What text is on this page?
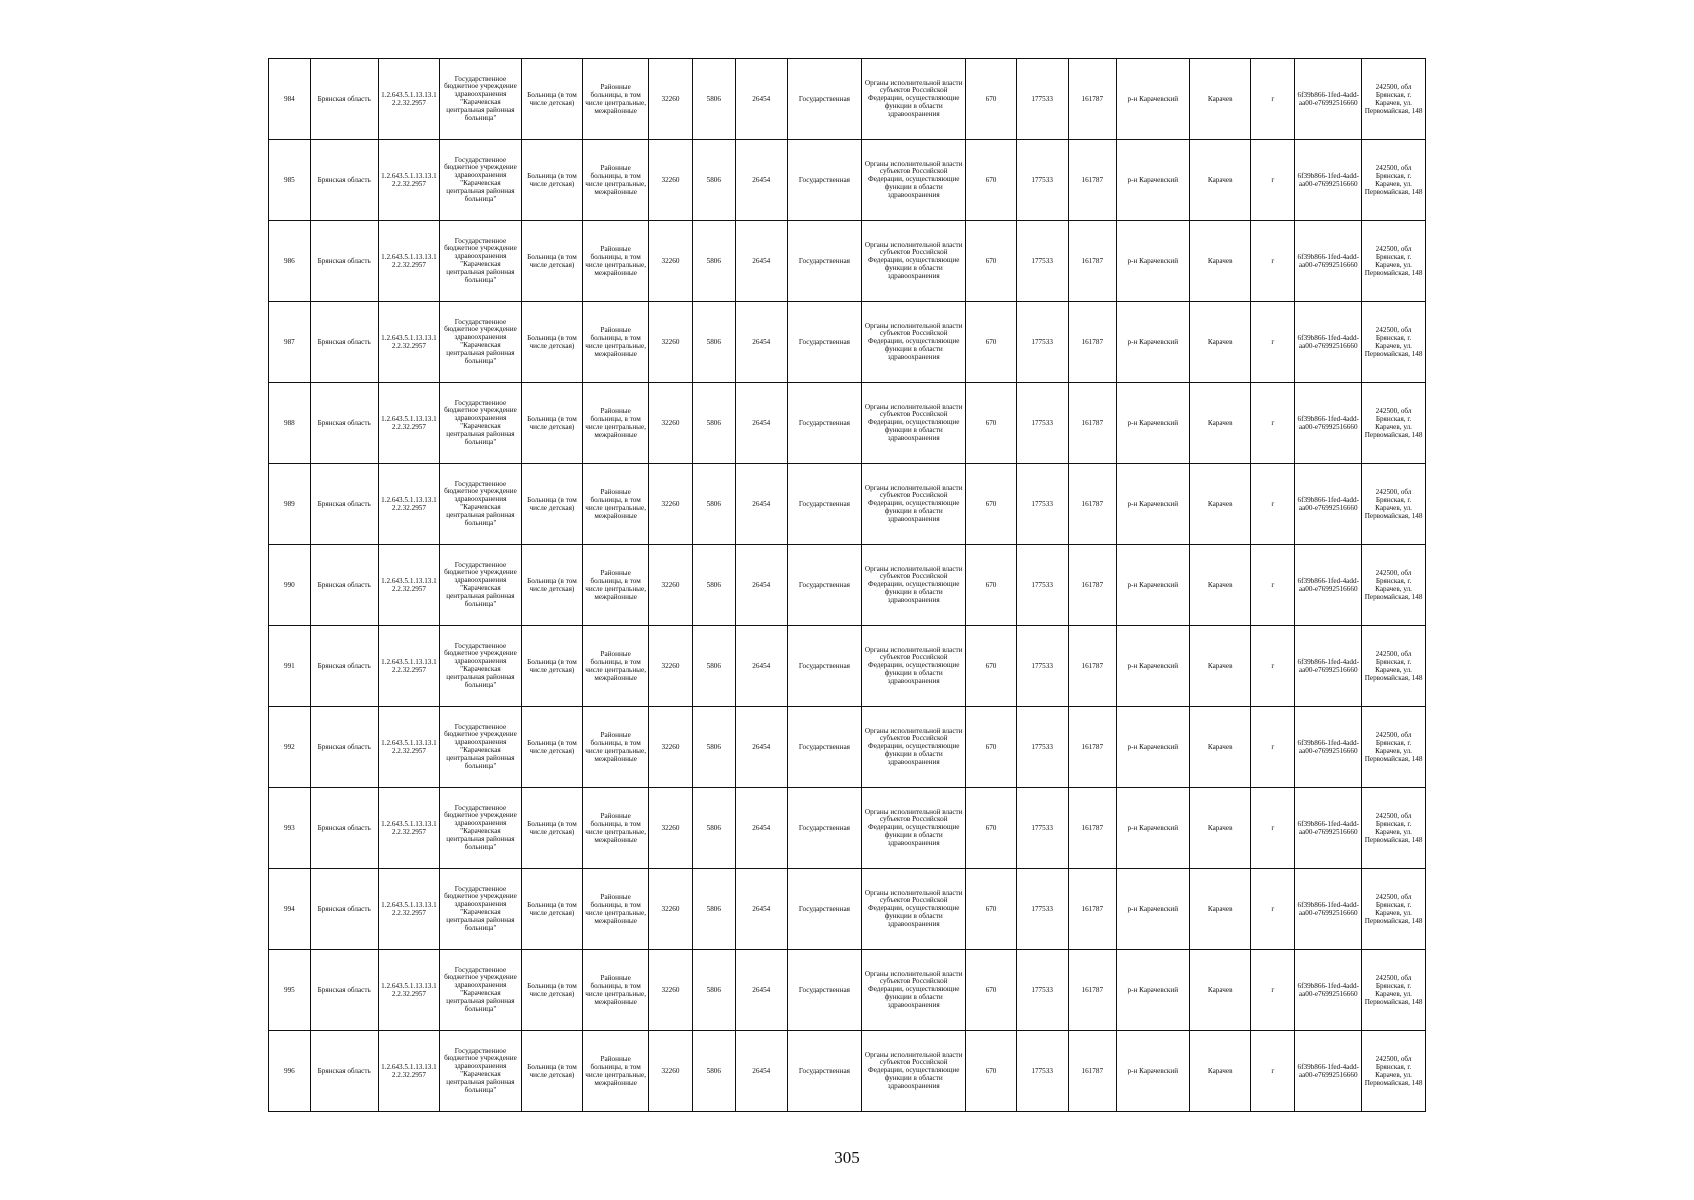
984	Брянская область	1.2.643.5.1.13.13.12.2.32.2957	Государственное бюджетное учреждение здравоохранения "Карачевская центральная районная больница"	Больница (в том числе детская)	Районные больницы, в том числе центральные, межрайонные	32260	5806	26454	Государственная	Органы исполнительной власти субъектов Российской Федерации, осуществляющие функции в области здравоохранения	670	177533	161787	р-н Карачевский	Карачев	г	6f39b866-1fed-4add-aa00-e76992516660	242500, обл Брянская, г. Карачев, ул. Первомайская, 148
985	Брянская область	1.2.643.5.1.13.13.12.2.32.2957	Государственное бюджетное учреждение здравоохранения "Карачевская центральная районная больница"	Больница (в том числе детская)	Районные больницы, в том числе центральные, межрайонные	32260	5806	26454	Государственная	Органы исполнительной власти субъектов Российской Федерации, осуществляющие функции в области здравоохранения	670	177533	161787	р-н Карачевский	Карачев	г	6f39b866-1fed-4add-aa00-e76992516660	242500, обл Брянская, г. Карачев, ул. Первомайская, 148
986	Брянская область	1.2.643.5.1.13.13.12.2.32.2957	Государственное бюджетное учреждение здравоохранения "Карачевская центральная районная больница"	Больница (в том числе детская)	Районные больницы, в том числе центральные, межрайонные	32260	5806	26454	Государственная	Органы исполнительной власти субъектов Российской Федерации, осуществляющие функции в области здравоохранения	670	177533	161787	р-н Карачевский	Карачев	г	6f39b866-1fed-4add-aa00-e76992516660	242500, обл Брянская, г. Карачев, ул. Первомайская, 148
987	Брянская область	1.2.643.5.1.13.13.12.2.32.2957	Государственное бюджетное учреждение здравоохранения "Карачевская центральная районная больница"	Больница (в том числе детская)	Районные больницы, в том числе центральные, межрайонные	32260	5806	26454	Государственная	Органы исполнительной власти субъектов Российской Федерации, осуществляющие функции в области здравоохранения	670	177533	161787	р-н Карачевский	Карачев	г	6f39b866-1fed-4add-aa00-e76992516660	242500, обл Брянская, г. Карачев, ул. Первомайская, 148
988	Брянская область	1.2.643.5.1.13.13.12.2.32.2957	Государственное бюджетное учреждение здравоохранения "Карачевская центральная районная больница"	Больница (в том числе детская)	Районные больницы, в том числе центральные, межрайонные	32260	5806	26454	Государственная	Органы исполнительной власти субъектов Российской Федерации, осуществляющие функции в области здравоохранения	670	177533	161787	р-н Карачевский	Карачев	г	6f39b866-1fed-4add-aa00-e76992516660	242500, обл Брянская, г. Карачев, ул. Первомайская, 148
989	Брянская область	1.2.643.5.1.13.13.12.2.32.2957	Государственное бюджетное учреждение здравоохранения "Карачевская центральная районная больница"	Больница (в том числе детская)	Районные больницы, в том числе центральные, межрайонные	32260	5806	26454	Государственная	Органы исполнительной власти субъектов Российской Федерации, осуществляющие функции в области здравоохранения	670	177533	161787	р-н Карачевский	Карачев	г	6f39b866-1fed-4add-aa00-e76992516660	242500, обл Брянская, г. Карачев, ул. Первомайская, 148
990	Брянская область	1.2.643.5.1.13.13.12.2.32.2957	Государственное бюджетное учреждение здравоохранения "Карачевская центральная районная больница"	Больница (в том числе детская)	Районные больницы, в том числе центральные, межрайонные	32260	5806	26454	Государственная	Органы исполнительной власти субъектов Российской Федерации, осуществляющие функции в области здравоохранения	670	177533	161787	р-н Карачевский	Карачев	г	6f39b866-1fed-4add-aa00-e76992516660	242500, обл Брянская, г. Карачев, ул. Первомайская, 148
991	Брянская область	1.2.643.5.1.13.13.12.2.32.2957	Государственное бюджетное учреждение здравоохранения "Карачевская центральная районная больница"	Больница (в том числе детская)	Районные больницы, в том числе центральные, межрайонные	32260	5806	26454	Государственная	Органы исполнительной власти субъектов Российской Федерации, осуществляющие функции в области здравоохранения	670	177533	161787	р-н Карачевский	Карачев	г	6f39b866-1fed-4add-aa00-e76992516660	242500, обл Брянская, г. Карачев, ул. Первомайская, 148
992	Брянская область	1.2.643.5.1.13.13.12.2.32.2957	Государственное бюджетное учреждение здравоохранения "Карачевская центральная районная больница"	Больница (в том числе детская)	Районные больницы, в том числе центральные, межрайонные	32260	5806	26454	Государственная	Органы исполнительной власти субъектов Российской Федерации, осуществляющие функции в области здравоохранения	670	177533	161787	р-н Карачевский	Карачев	г	6f39b866-1fed-4add-aa00-e76992516660	242500, обл Брянская, г. Карачев, ул. Первомайская, 148
993	Брянская область	1.2.643.5.1.13.13.12.2.32.2957	Государственное бюджетное учреждение здравоохранения "Карачевская центральная районная больница"	Больница (в том числе детская)	Районные больницы, в том числе центральные, межрайонные	32260	5806	26454	Государственная	Органы исполнительной власти субъектов Российской Федерации, осуществляющие функции в области здравоохранения	670	177533	161787	р-н Карачевский	Карачев	г	6f39b866-1fed-4add-aa00-e76992516660	242500, обл Брянская, г. Карачев, ул. Первомайская, 148
994	Брянская область	1.2.643.5.1.13.13.12.2.32.2957	Государственное бюджетное учреждение здравоохранения "Карачевская центральная районная больница"	Больница (в том числе детская)	Районные больницы, в том числе центральные, межрайонные	32260	5806	26454	Государственная	Органы исполнительной власти субъектов Российской Федерации, осуществляющие функции в области здравоохранения	670	177533	161787	р-н Карачевский	Карачев	г	6f39b866-1fed-4add-aa00-e76992516660	242500, обл Брянская, г. Карачев, ул. Первомайская, 148
995	Брянская область	1.2.643.5.1.13.13.12.2.32.2957	Государственное бюджетное учреждение здравоохранения "Карачевская центральная районная больница"	Больница (в том числе детская)	Районные больницы, в том числе центральные, межрайонные	32260	5806	26454	Государственная	Органы исполнительной власти субъектов Российской Федерации, осуществляющие функции в области здравоохранения	670	177533	161787	р-н Карачевский	Карачев	г	6f39b866-1fed-4add-aa00-e76992516660	242500, обл Брянская, г. Карачев, ул. Первомайская, 148
996	Брянская область	1.2.643.5.1.13.13.12.2.32.2957	Государственное бюджетное учреждение здравоохранения "Карачевская центральная районная больница"	Больница (в том числе детская)	Районные больницы, в том числе центральные, межрайонные	32260	5806	26454	Государственная	Органы исполнительной власти субъектов Российской Федерации, осуществляющие функции в области здравоохранения	670	177533	161787	р-н Карачевский	Карачев	г	6f39b866-1fed-4add-aa00-e76992516660	242500, обл Брянская, г. Карачев, ул. Первомайская, 148
305
